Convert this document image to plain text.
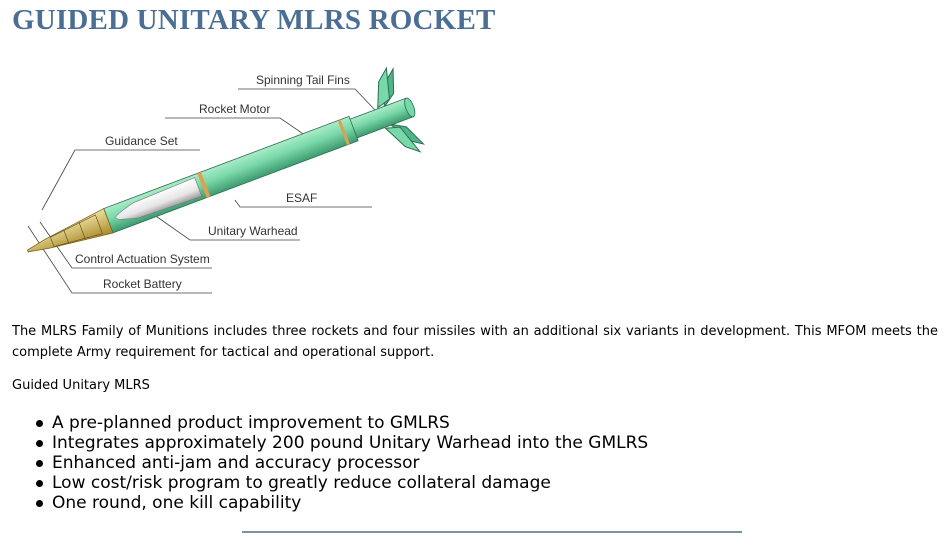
GUIDED UNITARY MLRS ROCKET
Spinning Tail Fins
Rocket Motor
Guidance Set
ESAF
Unitary Warhead
Control Actuation System
Rocket Battery

The MLRS Family of Munitions includes three rockets and four missiles with an additional six variants in development. This MFOM meets the complete Army requirement for tactical and operational support.

Guided Unitary MLRS

A pre-planned product improvement to GMLRS
Integrates approximately 200 pound Unitary Warhead into the GMLRS
Enhanced anti-jam and accuracy processor
Low cost/risk program to greatly reduce collateral damage
One round, one kill capability
